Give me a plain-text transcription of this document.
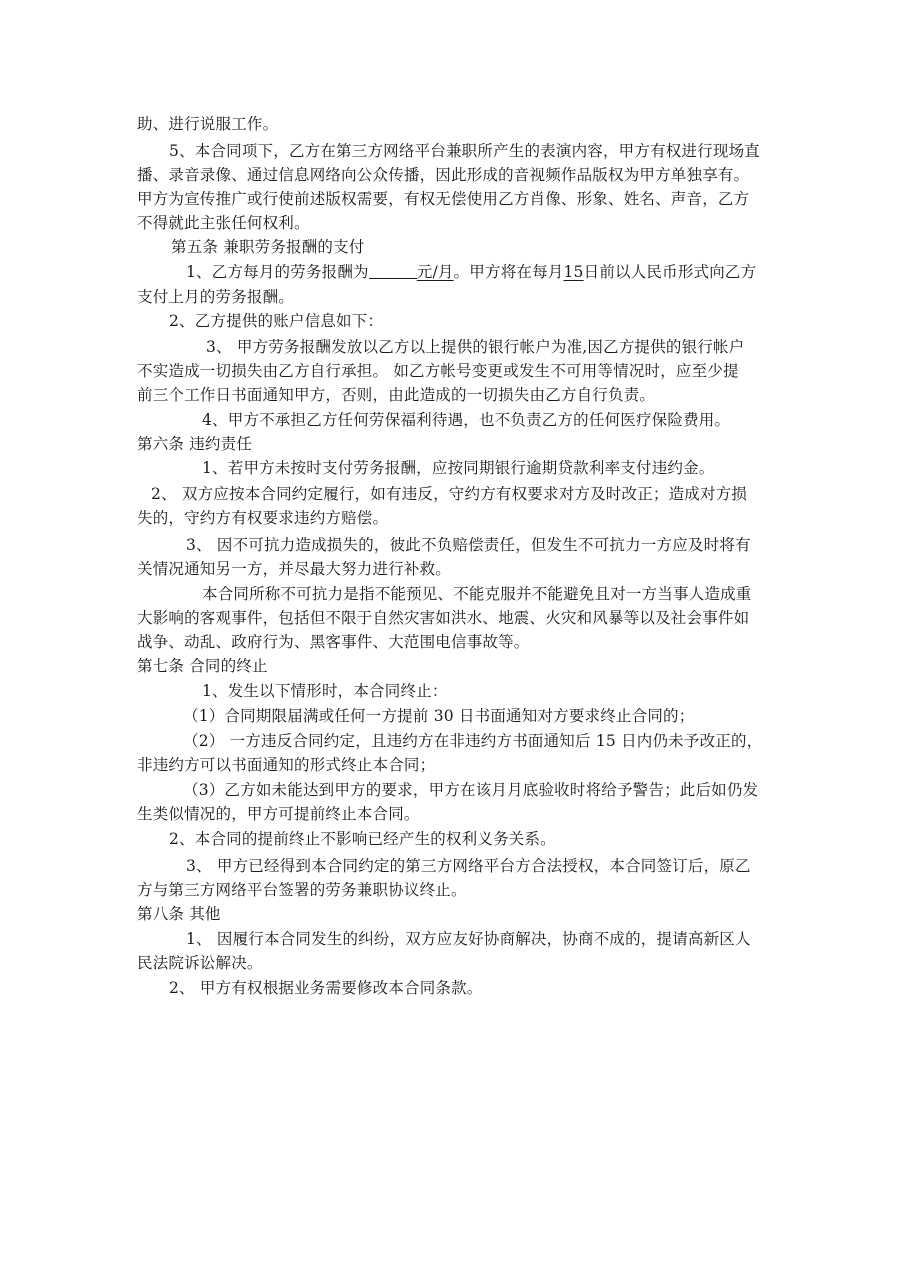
助、进行说服工作。
5、本合同项下，乙方在第三方网络平台兼职所产生的表演内容，甲方有权进行现场直
播、录音录像、通过信息网络向公众传播，因此形成的音视频作品版权为甲方单独享有。
甲方为宣传推广或行使前述版权需要，有权无偿使用乙方肖像、形象、姓名、声音，乙方
不得就此主张任何权利。
第五条 兼职劳务报酬的支付
1、乙方每月的劳务报酬为	元/月。甲方将在每月15日前以人民币形式向乙方
支付上月的劳务报酬。
2、乙方提供的账户信息如下：
3、 甲方劳务报酬发放以乙方以上提供的银行帐户为准,因乙方提供的银行帐户
不实造成一切损失由乙方自行承担。 如乙方帐号变更或发生不可用等情况时，应至少提
前三个工作日书面通知甲方，否则，由此造成的一切损失由乙方自行负责。
4、甲方不承担乙方任何劳保福利待遇，也不负责乙方的任何医疗保险费用。
第六条 违约责任
1、若甲方未按时支付劳务报酬，应按同期银行逾期贷款利率支付违约金。
2、 双方应按本合同约定履行，如有违反，守约方有权要求对方及时改正；造成对方损
失的，守约方有权要求违约方赔偿。
3、 因不可抗力造成损失的，彼此不负赔偿责任，但发生不可抗力一方应及时将有
关情况通知另一方，并尽最大努力进行补救。
本合同所称不可抗力是指不能预见、不能克服并不能避免且对一方当事人造成重
大影响的客观事件，包括但不限于自然灾害如洪水、地震、火灾和风暴等以及社会事件如
战争、动乱、政府行为、黑客事件、大范围电信事故等。
第七条 合同的终止
1、发生以下情形时，本合同终止：
（1）合同期限届满或任何一方提前 30 日书面通知对方要求终止合同的；
（2） 一方违反合同约定，且违约方在非违约方书面通知后 15 日内仍未予改正的，
非违约方可以书面通知的形式终止本合同；
（3）乙方如未能达到甲方的要求，甲方在该月月底验收时将给予警告；此后如仍发
生类似情况的，甲方可提前终止本合同。
2、本合同的提前终止不影响已经产生的权利义务关系。
3、 甲方已经得到本合同约定的第三方网络平台方合法授权，本合同签订后，原乙
方与第三方网络平台签署的劳务兼职协议终止。
第八条 其他
1、 因履行本合同发生的纠纷，双方应友好协商解决，协商不成的，提请高新区人
民法院诉讼解决。
2、 甲方有权根据业务需要修改本合同条款。
